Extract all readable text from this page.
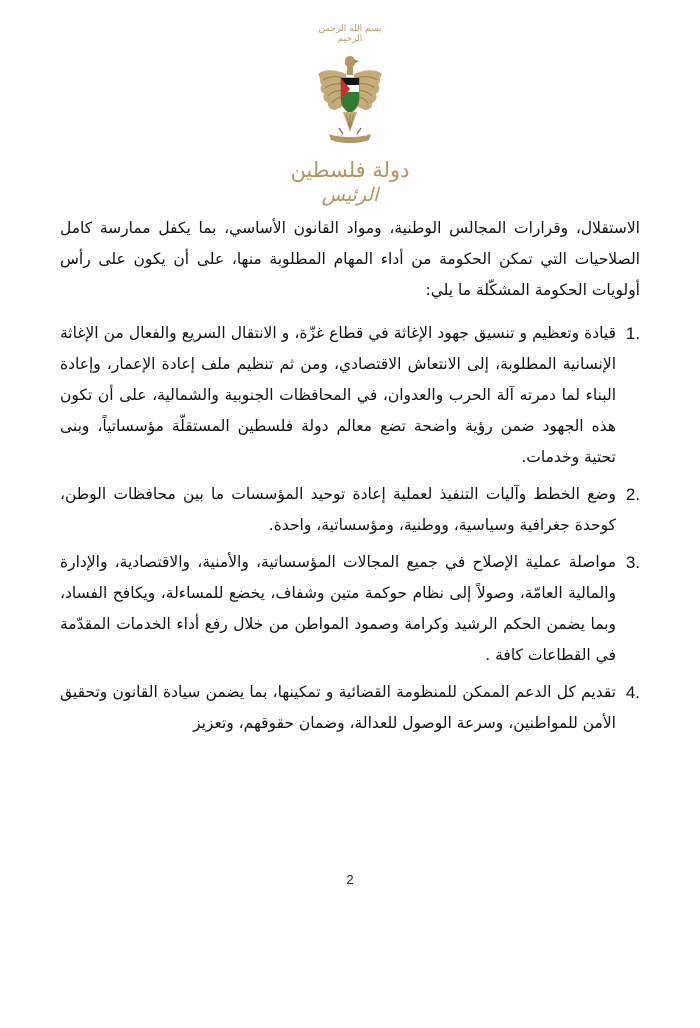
بسم الله الرحمن الرحيم
دولة فلسطين
الرئيس

الاستقلال، وقرارات المجالس الوطنية، ومواد القانون الأساسي، بما يكفل ممارسة كامل الصلاحيات التي تمكن الحكومة من أداء المهام المطلوبة منها، على أن يكون على رأس أولويات الحكومة المشكّلة ما يلي:

1.
قيادة وتعظيم و تنسيق جهود الإغاثة في قطاع غزّة، و الانتقال السريع والفعال من الإغاثة الإنسانية المطلوبة، إلى الانتعاش الاقتصادي، ومن ثم تنظيم ملف إعادة الإعمار، وإعادة البناء لما دمرته آلة الحرب والعدوان، في المحافظات الجنوبية والشمالية، على أن تكون هذه الجهود ضمن رؤية واضحة تضع معالم دولة فلسطين المستقلّة مؤسساتياً، وبنى تحتية وخدمات.
2.
وضع الخطط وآليات التنفيذ لعملية إعادة توحيد المؤسسات ما بين محافظات الوطن، كوحدة جغرافية وسياسية، ووطنية، ومؤسساتية، واحدة.
3.
مواصلة عملية الإصلاح في جميع المجالات المؤسساتية، والأمنية، والاقتصادية، والإدارة والمالية العامّة، وصولاً إلى نظام حوكمة متين وشفاف، يخضع للمساءلة، ويكافح الفساد، وبما يضمن الحكم الرشيد وكرامة وصمود المواطن من خلال رفع أداء الخدمات المقدّمة في القطاعات كافة .
4.
تقديم كل الدعم الممكن للمنظومة القضائية و تمكينها، بما يضمن سيادة القانون وتحقيق الأمن للمواطنين، وسرعة الوصول للعدالة، وضمان حقوقهم، وتعزيز
2
